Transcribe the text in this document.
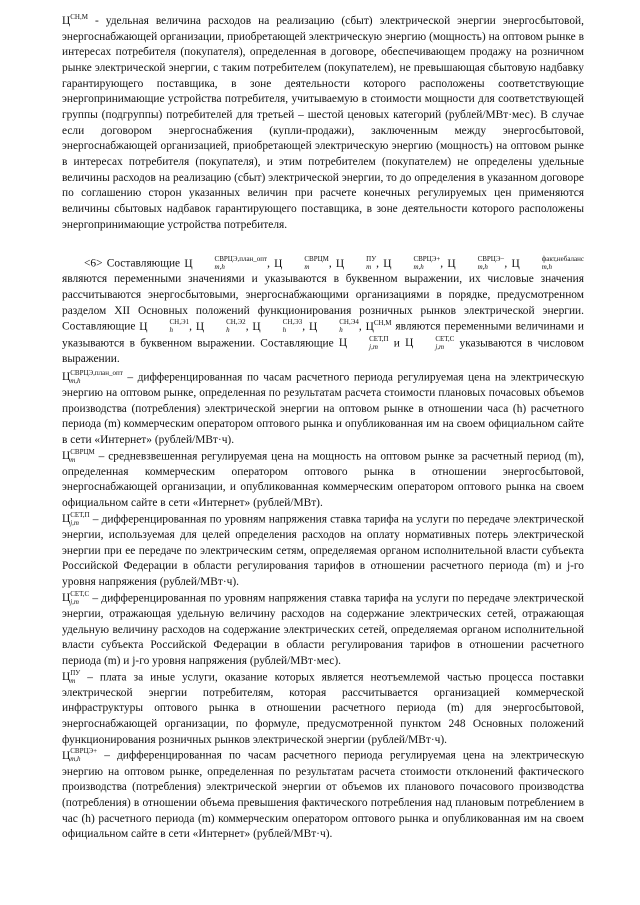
$Ц^{СН,М}$ - удельная величина расходов на реализацию (сбыт) электрической энергии энергосбытовой, энергоснабжающей организации, приобретающей электрическую энергию (мощность) на оптовом рынке в интересах потребителя (покупателя), определенная в договоре, обеспечивающем продажу на розничном рынке электрической энергии, с таким потребителем (покупателем), не превышающая сбытовую надбавку гарантирующего поставщика, в зоне деятельности которого расположены соответствующие энергопринимающие устройства потребителя, учитываемую в стоимости мощности для соответствующей группы (подгруппы) потребителей для третьей – шестой ценовых категорий (рублей/МВт·мес). В случае если договором энергоснабжения (купли-продажи), заключенным между энергосбытовой, энергоснабжающей организацией, приобретающей электрическую энергию (мощность) на оптовом рынке в интересах потребителя (покупателя), и этим потребителем (покупателем) не определены удельные величины расходов на реализацию (сбыт) электрической энергии, то до определения в указанном договоре по соглашению сторон указанных величин при расчете конечных регулируемых цен применяются величины сбытовых надбавок гарантирующего поставщика, в зоне деятельности которого расположены энергопринимающие устройства потребителя.

<6> Составляющие Ц	СВРЦЭ,план_опт
m,h	, Ц	СВРЦМ
m	, Ц	ПУ
m , Ц	СВРЦЭ+
m,h	, Ц	СВРЦЭ−
m,h	, Ц	факт,небаланс
m,h
являются переменными значениями и указываются в буквенном выражении, их числовые значения рассчитываются энергосбытовыми, энергоснабжающими организациями в порядке, предусмотренном разделом XII Основных положений функционирования розничных рынков электрической энергии. Составляющие Ц	СН,Э1
h	, Ц	СН,Э2
h	, Ц	СН,Э3
h	, Ц	СН,Э4
h	, $Ц^{СН,М}$ являются переменными величинами и указываются в буквенном выражении. Составляющие Ц	СЕТ,П
j,m	и Ц	СЕТ,С
j,m	указываются в числовом выражении.

Ц СВРЦЭ,план_опт
m,h	– дифференцированная по часам расчетного периода регулируемая цена на электрическую энергию на оптовом рынке, определенная по результатам расчета стоимости плановых почасовых объемов производства (потребления) электрической энергии на оптовом рынке в отношении часа (h) расчетного периода (m) коммерческим оператором оптового рынка и опубликованная им на своем официальном сайте в сети «Интернет» (рублей/МВт·ч).

Ц СВРЦМ
m	– средневзвешенная регулируемая цена на мощность на оптовом рынке за расчетный период (m), определенная коммерческим оператором оптового рынка в отношении энергосбытовой, энергоснабжающей организации, и опубликованная коммерческим оператором оптового рынка на своем официальном сайте в сети «Интернет» (рублей/МВт).

Ц СЕТ,П
j,m – дифференцированная по уровням напряжения ставка тарифа на услуги по передаче электрической энергии, используемая для целей определения расходов на оплату нормативных потерь электрической энергии при ее передаче по электрическим сетям, определяемая органом исполнительной власти субъекта Российской Федерации в области регулирования тарифов в отношении расчетного периода (m) и j-го уровня напряжения (рублей/МВт·ч).

Ц СЕТ,С
j,m – дифференцированная по уровням напряжения ставка тарифа на услуги по передаче электрической энергии, отражающая удельную величину расходов на содержание электрических сетей, отражающая удельную величину расходов на содержание электрических сетей, определяемая органом исполнительной власти субъекта Российской Федерации в области регулирования тарифов в отношении расчетного периода (m) и j-го уровня напряжения (рублей/МВт·мес).

Ц ПУ
m – плата за иные услуги, оказание которых является неотъемлемой частью процесса поставки электрической энергии потребителям, которая рассчитывается организацией коммерческой инфраструктуры оптового рынка в отношении расчетного периода (m) для энергосбытовой, энергоснабжающей организации, по формуле, предусмотренной пунктом 248 Основных положений функционирования розничных рынков электрической энергии (рублей/МВт·ч).

Ц СВРЦЭ+
m,h	– дифференцированная по часам расчетного периода регулируемая цена на электрическую энергию на оптовом рынке, определенная по результатам расчета стоимости отклонений фактического производства (потребления) электрической энергии от объемов их планового почасового производства (потребления) в отношении объема превышения фактического потребления над плановым потреблением в час (h) расчетного периода (m) коммерческим оператором оптового рынка и опубликованная им на своем официальном сайте в сети «Интернет» (рублей/МВт·ч).
